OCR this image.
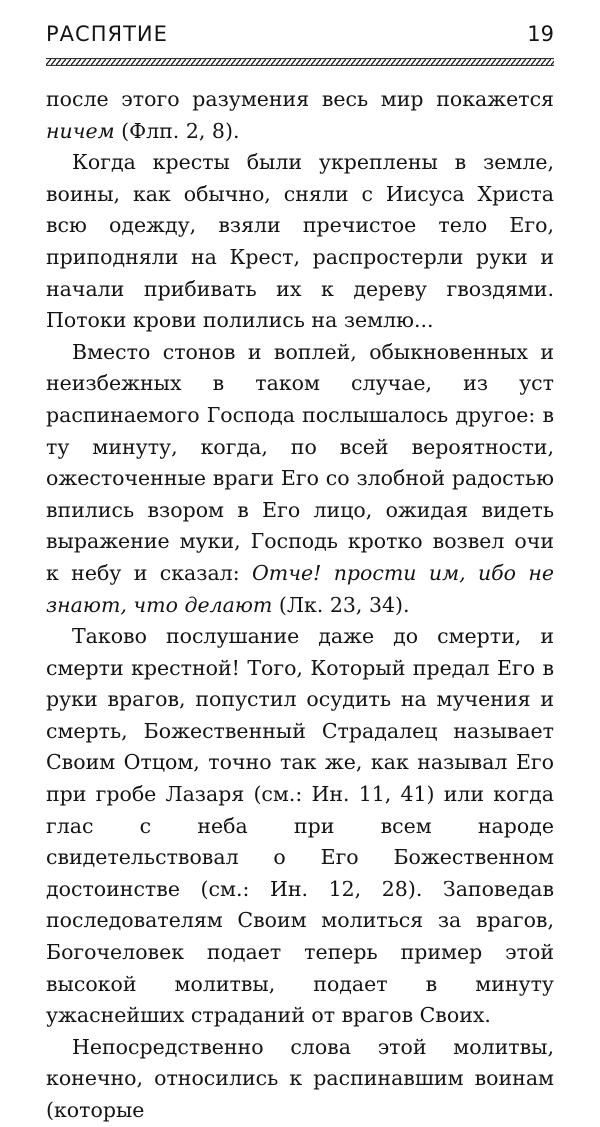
РАСПЯТИЕ	19

после этого разумения весь мир покажется ничем (Флп. 2, 8).

Когда кресты были укреплены в земле, воины, как обычно, сняли с Иисуса Христа всю одежду, взяли пречистое тело Его, приподняли на Крест, распростерли руки и начали прибивать их к дереву гвоздями. Потоки крови полились на землю...

Вместо стонов и воплей, обыкновенных и неизбежных в таком случае, из уст распинаемого Господа послышалось другое: в ту минуту, когда, по всей вероятности, ожесточенные враги Его со злобной радостью впились взором в Его лицо, ожидая видеть выражение муки, Господь кротко возвел очи к небу и сказал: Отче! прости им, ибо не знают, что делают (Лк. 23, 34).

Таково послушание даже до смерти, и смерти крестной! Того, Который предал Его в руки врагов, попустил осудить на мучения и смерть, Божественный Страдалец называет Своим Отцом, точно так же, как называл Его при гробе Лазаря (см.: Ин. 11, 41) или когда глас с неба при всем народе свидетельствовал о Его Божественном достоинстве (см.: Ин. 12, 28). Заповедав последователям Своим молиться за врагов, Богочеловек подает теперь пример этой высокой молитвы, подает в минуту ужаснейших страданий от врагов Своих.

Непосредственно слова этой молитвы, конечно, относились к распинавшим воинам (которые
